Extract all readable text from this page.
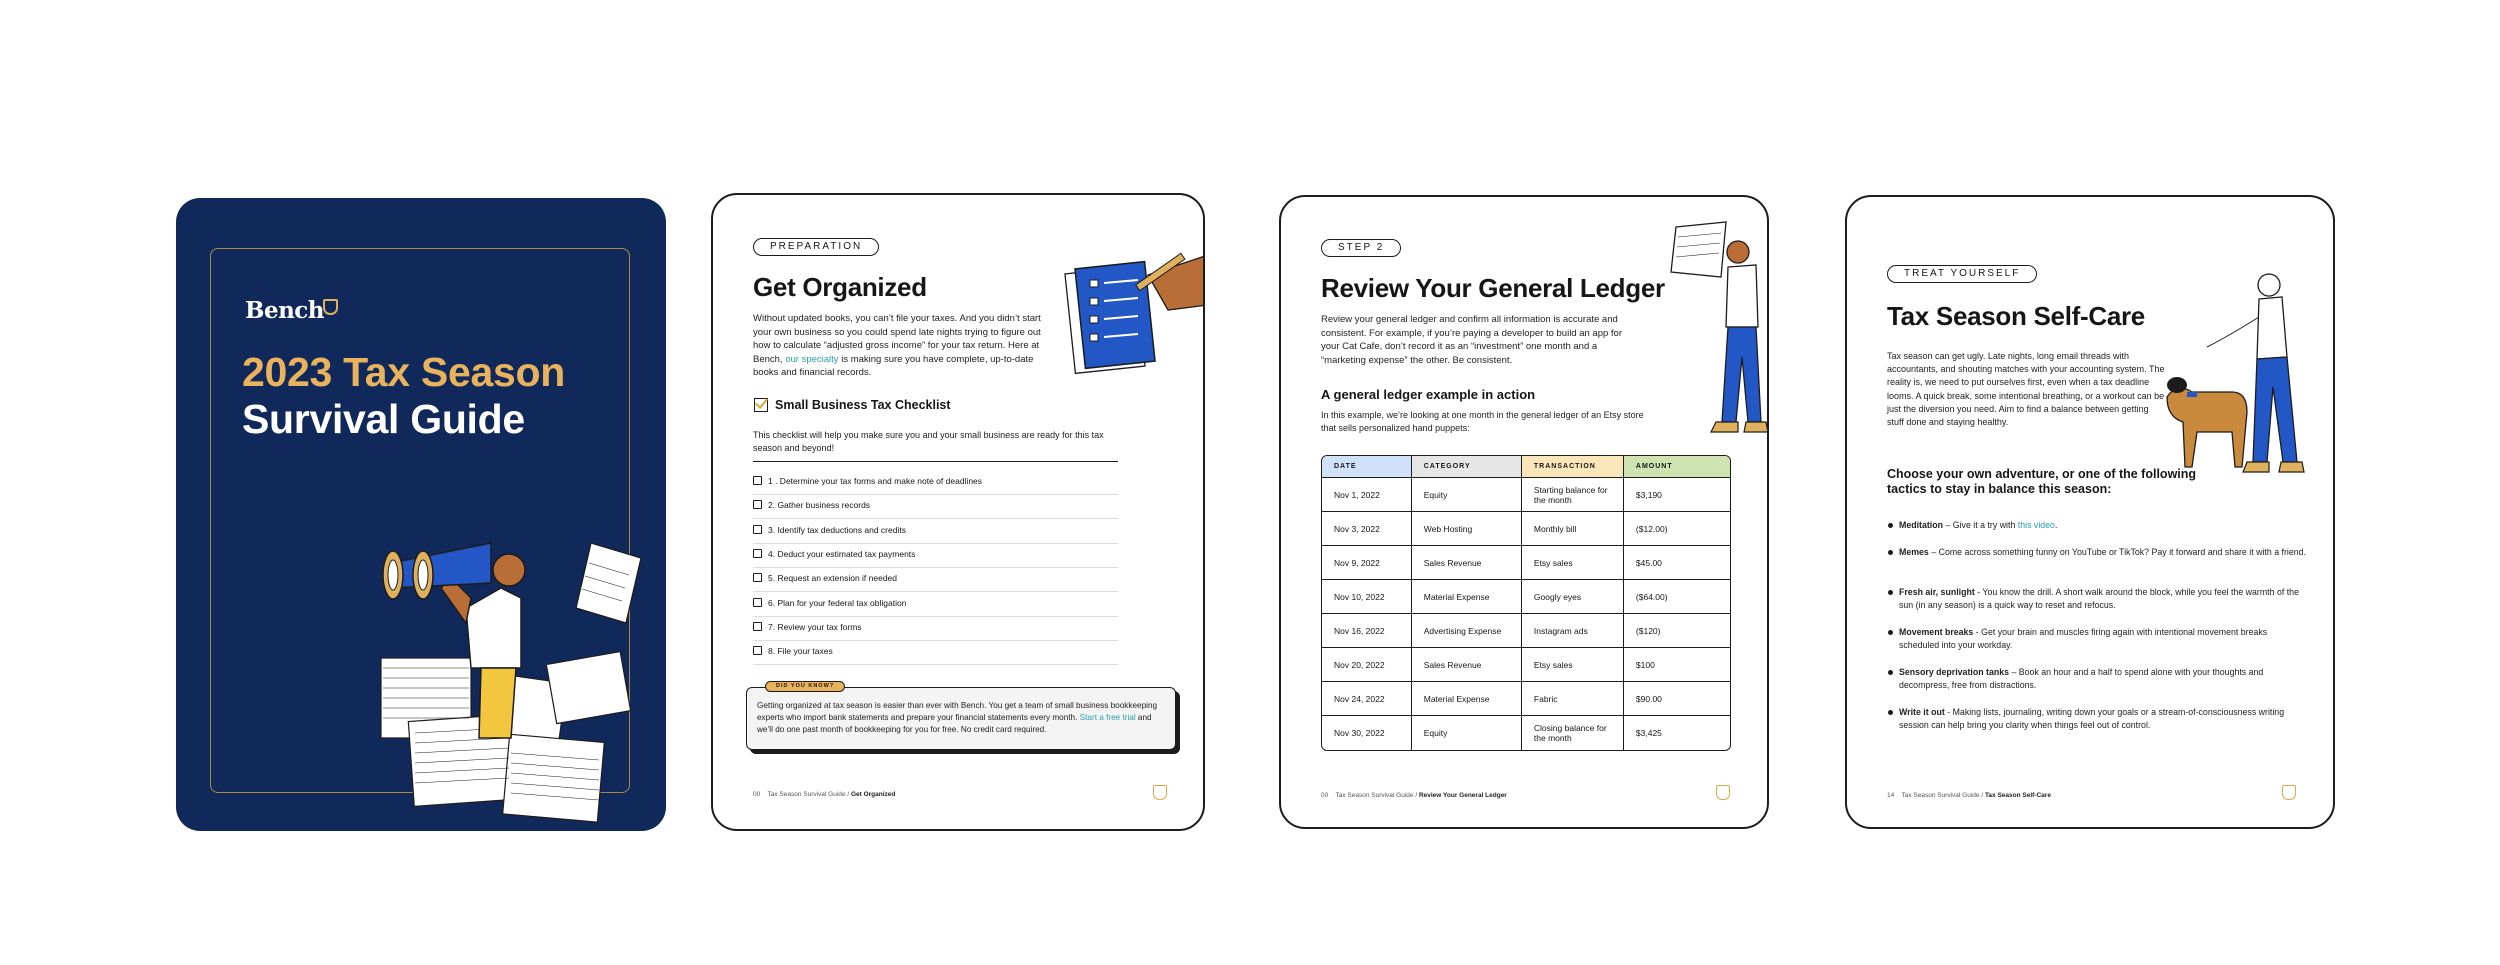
Bench
2023 Tax Season
Survival Guide
PREPARATION
Get Organized
Without updated books, you can’t file your taxes. And you didn’t start your own business so you could spend late nights trying to figure out how to calculate “adjusted gross income” for your tax return. Here at Bench, our specialty is making sure you have complete, up-to-date books and financial records.
Small Business Tax Checklist
This checklist will help you make sure you and your small business are ready for this tax season and beyond!
1 . Determine your tax forms and make note of deadlines
2. Gather business records
3. Identify tax deductions and credits
4. Deduct your estimated tax payments
5. Request an extension if needed
6. Plan for your federal tax obligation
7. Review your tax forms
8. File your taxes
DID YOU KNOW?
Getting organized at tax season is easier than ever with Bench. You get a team of small business bookkeeping experts who import bank statements and prepare your financial statements every month. Start a free trial and we’ll do one past month of bookkeeping for you for free. No credit card required.
00 Tax Season Survival Guide / Get Organized
STEP 2
Review Your General Ledger
Review your general ledger and confirm all information is accurate and consistent. For example, if you’re paying a developer to build an app for your Cat Cafe, don’t record it as an “investment” one month and a “marketing expense” the other. Be consistent.
A general ledger example in action
In this example, we’re looking at one month in the general ledger of an Etsy store that sells personalized hand puppets:
DATE	CATEGORY	TRANSACTION	AMOUNT
Nov 1, 2022	Equity	Starting balance for the month	$3,190
Nov 3, 2022	Web Hosting	Monthly bill	($12.00)
Nov 9, 2022	Sales Revenue	Etsy sales	$45.00
Nov 10, 2022	Material Expense	Googly eyes	($64.00)
Nov 16, 2022	Advertising Expense	Instagram ads	($120)
Nov 20, 2022	Sales Revenue	Etsy sales	$100
Nov 24, 2022	Material Expense	Fabric	$90.00
Nov 30, 2022	Equity	Closing balance for the month	$3,425
00 Tax Season Survival Guide / Review Your General Ledger
TREAT YOURSELF
Tax Season Self-Care
Tax season can get ugly. Late nights, long email threads with accountants, and shouting matches with your accounting system. The reality is, we need to put ourselves first, even when a tax deadline looms. A quick break, some intentional breathing, or a workout can be just the diversion you need. Aim to find a balance between getting stuff done and staying healthy.
Choose your own adventure, or one of the following tactics to stay in balance this season:
Meditation – Give it a try with this video.
Memes – Come across something funny on YouTube or TikTok? Pay it forward and share it with a friend.
Fresh air, sunlight - You know the drill. A short walk around the block, while you feel the warmth of the sun (in any season) is a quick way to reset and refocus.
Movement breaks - Get your brain and muscles firing again with intentional movement breaks scheduled into your workday.
Sensory deprivation tanks – Book an hour and a half to spend alone with your thoughts and decompress, free from distractions.
Write it out - Making lists, journaling, writing down your goals or a stream-of-consciousness writing session can help bring you clarity when things feel out of control.
14 Tax Season Survival Guide / Tax Season Self-Care
